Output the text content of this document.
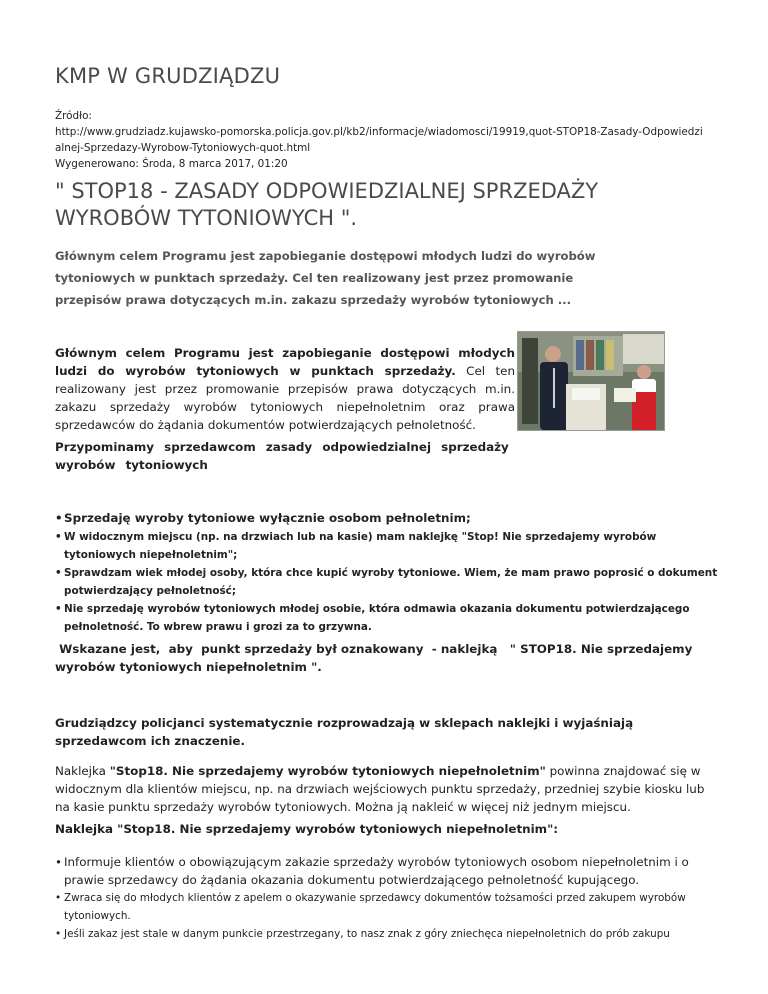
KMP W GRUDZIĄDZU
Źródło:
http://www.grudziadz.kujawsko-pomorska.policja.gov.pl/kb2/informacje/wiadomosci/19919,quot-STOP18-Zasady-Odpowiedzi
alnej-Sprzedazy-Wyrobow-Tytoniowych-quot.html
Wygenerowano: Środa, 8 marca 2017, 01:20
" STOP18 - ZASADY ODPOWIEDZIALNEJ SPRZEDAŻY WYROBÓW TYTONIOWYCH ".
Głównym celem Programu jest zapobieganie dostępowi młodych ludzi do wyrobów tytoniowych w punktach sprzedaży. Cel ten realizowany jest przez promowanie przepisów prawa dotyczących m.in. zakazu sprzedaży wyrobów tytoniowych ...
Głównym celem Programu jest zapobieganie dostępowi młodych ludzi do wyrobów tytoniowych w punktach sprzedaży. Cel ten realizowany jest przez promowanie przepisów prawa dotyczących m.in. zakazu sprzedaży wyrobów tytoniowych niepełnoletnim oraz prawa sprzedawców do żądania dokumentów potwierdzających pełnoletność.
Przypominamy sprzedawcom zasady odpowiedzialnej sprzedaży wyrobów tytoniowych
• Sprzedaję wyroby tytoniowe wyłącznie osobom pełnoletnim;
• W widocznym miejscu (np. na drzwiach lub na kasie) mam naklejkę "Stop! Nie sprzedajemy wyrobów tytoniowych niepełnoletnim";
• Sprawdzam wiek młodej osoby, która chce kupić wyroby tytoniowe. Wiem, że mam prawo poprosić o dokument potwierdzający pełnoletność;
• Nie sprzedaję wyrobów tytoniowych młodej osobie, która odmawia okazania dokumentu potwierdzającego pełnoletność. To wbrew prawu i grozi za to grzywna.
Wskazane jest,  aby  punkt sprzedaży był oznakowany  - naklejką   " STOP18. Nie sprzedajemy wyrobów tytoniowych niepełnoletnim ".
Grudziądzcy policjanci systematycznie rozprowadzają w sklepach naklejki i wyjaśniają sprzedawcom ich znaczenie.
Naklejka "Stop18. Nie sprzedajemy wyrobów tytoniowych niepełnoletnim" powinna znajdować się w widocznym dla klientów miejscu, np. na drzwiach wejściowych punktu sprzedaży, przedniej szybie kiosku lub na kasie punktu sprzedaży wyrobów tytoniowych. Można ją nakleić w więcej niż jednym miejscu.
Naklejka "Stop18. Nie sprzedajemy wyrobów tytoniowych niepełnoletnim":
• Informuje klientów o obowiązującym zakazie sprzedaży wyrobów tytoniowych osobom niepełnoletnim i o prawie sprzedawcy do żądania okazania dokumentu potwierdzającego pełnoletność kupującego.
• Zwraca się do młodych klientów z apelem o okazywanie sprzedawcy dokumentów tożsamości przed zakupem wyrobów tytoniowych.
• Jeśli zakaz jest stale w danym punkcie przestrzegany, to nasz znak z góry zniechęca niepełnoletnich do prób zakupu
